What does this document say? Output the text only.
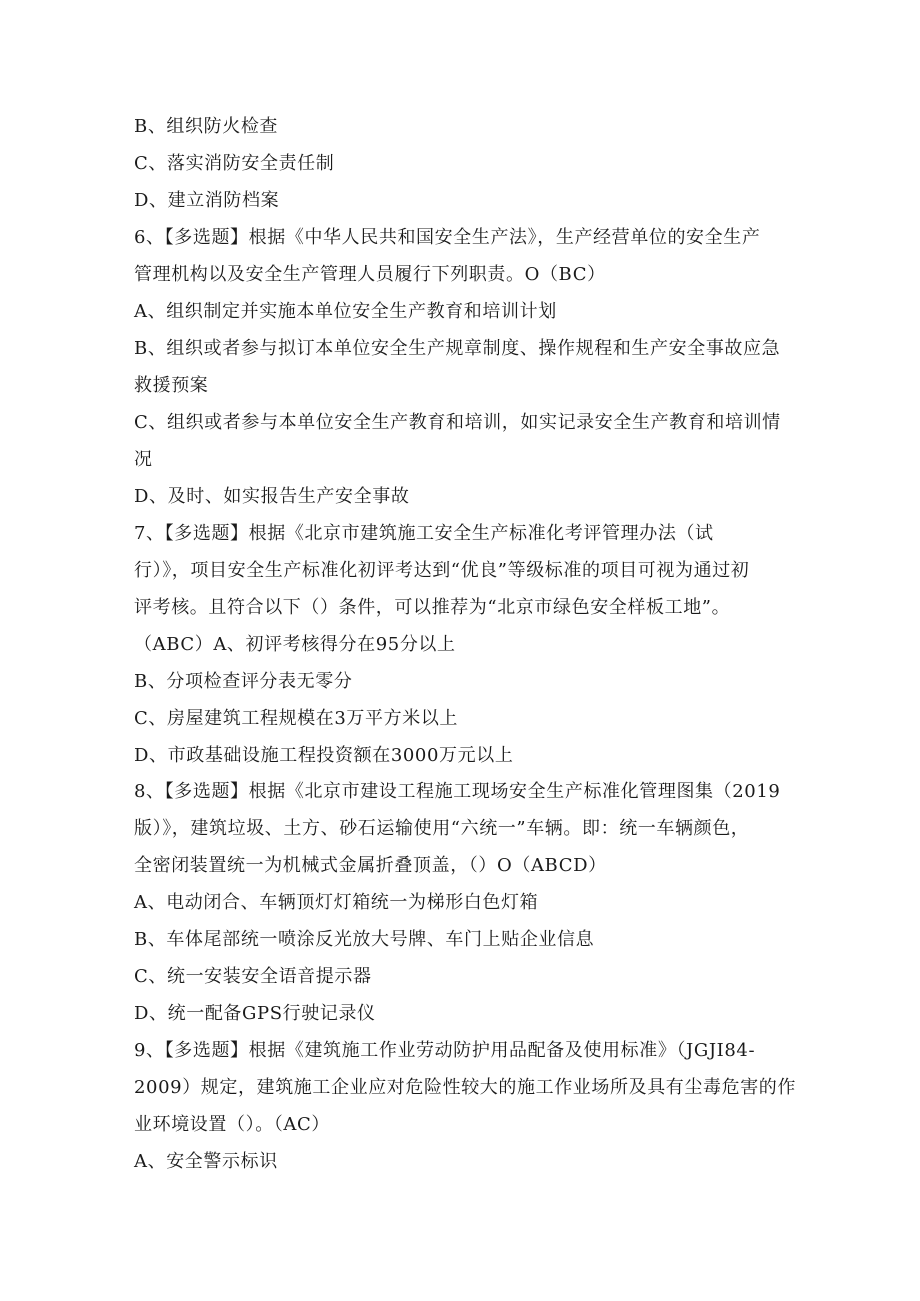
B、组织防火检查
C、落实消防安全责任制
D、建立消防档案
6、【多选题】根据《中华人民共和国安全生产法》，生产经营单位的安全生产
管理机构以及安全生产管理人员履行下列职责。O（BC）
A、组织制定并实施本单位安全生产教育和培训计划
B、组织或者参与拟订本单位安全生产规章制度、操作规程和生产安全事故应急
救援预案
C、组织或者参与本单位安全生产教育和培训，如实记录安全生产教育和培训情
况
D、及时、如实报告生产安全事故
7、【多选题】根据《北京市建筑施工安全生产标准化考评管理办法（试
行）》，项目安全生产标准化初评考达到“优良”等级标准的项目可视为通过初
评考核。且符合以下（）条件，可以推荐为“北京市绿色安全样板工地”。
（ABC）A、初评考核得分在95分以上
B、分项检查评分表无零分
C、房屋建筑工程规模在3万平方米以上
D、市政基础设施工程投资额在3000万元以上
8、【多选题】根据《北京市建设工程施工现场安全生产标准化管理图集（2019
版）》，建筑垃圾、土方、砂石运输使用“六统一”车辆。即：统一车辆颜色，
全密闭装置统一为机械式金属折叠顶盖，（）O（ABCD）
A、电动闭合、车辆顶灯灯箱统一为梯形白色灯箱
B、车体尾部统一喷涂反光放大号牌、车门上贴企业信息
C、统一安装安全语音提示器
D、统一配备GPS行驶记录仪
9、【多选题】根据《建筑施工作业劳动防护用品配备及使用标准》（JGJI84-
2009）规定，建筑施工企业应对危险性较大的施工作业场所及具有尘毒危害的作
业环境设置（）。（AC）
A、安全警示标识
